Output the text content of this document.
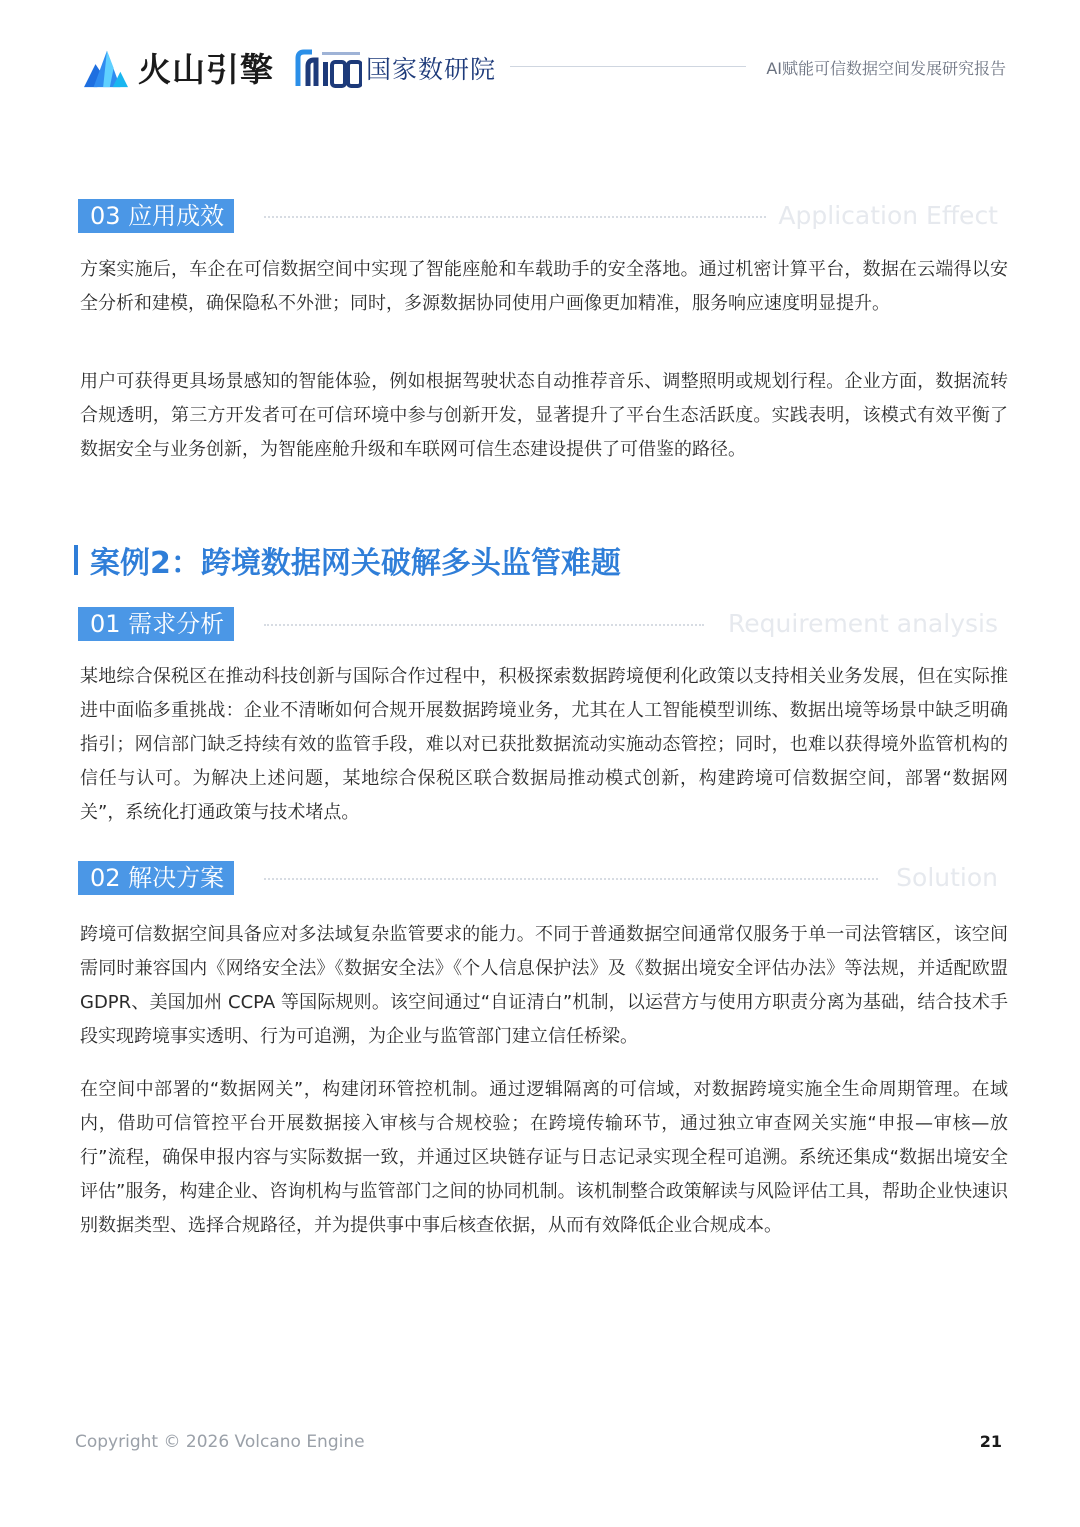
火山引擎	国家数研院	AI赋能可信数据空间发展研究报告
03 应用成效	Application Effect

方案实施后，车企在可信数据空间中实现了智能座舱和车载助手的安全落地。通过机密计算平台，数据在云端得以安全分析和建模，确保隐私不外泄；同时，多源数据协同使用户画像更加精准，服务响应速度明显提升。

用户可获得更具场景感知的智能体验，例如根据驾驶状态自动推荐音乐、调整照明或规划行程。企业方面，数据流转合规透明，第三方开发者可在可信环境中参与创新开发，显著提升了平台生态活跃度。实践表明，该模式有效平衡了数据安全与业务创新，为智能座舱升级和车联网可信生态建设提供了可借鉴的路径。

案例2：跨境数据网关破解多头监管难题
01 需求分析	Requirement analysis

某地综合保税区在推动科技创新与国际合作过程中，积极探索数据跨境便利化政策以支持相关业务发展，但在实际推进中面临多重挑战：企业不清晰如何合规开展数据跨境业务，尤其在人工智能模型训练、数据出境等场景中缺乏明确指引；网信部门缺乏持续有效的监管手段，难以对已获批数据流动实施动态管控；同时，也难以获得境外监管机构的信任与认可。为解决上述问题，某地综合保税区联合数据局推动模式创新，构建跨境可信数据空间，部署“数据网关”，系统化打通政策与技术堵点。

02 解决方案	Solution

跨境可信数据空间具备应对多法域复杂监管要求的能力。不同于普通数据空间通常仅服务于单一司法管辖区，该空间需同时兼容国内《网络安全法》《数据安全法》《个人信息保护法》及《数据出境安全评估办法》等法规，并适配欧盟 GDPR、美国加州 CCPA 等国际规则。该空间通过“自证清白”机制，以运营方与使用方职责分离为基础，结合技术手段实现跨境事实透明、行为可追溯，为企业与监管部门建立信任桥梁。

在空间中部署的“数据网关”，构建闭环管控机制。通过逻辑隔离的可信域，对数据跨境实施全生命周期管理。在域内，借助可信管控平台开展数据接入审核与合规校验；在跨境传输环节，通过独立审查网关实施“申报—审核—放行”流程，确保申报内容与实际数据一致，并通过区块链存证与日志记录实现全程可追溯。系统还集成“数据出境安全评估”服务，构建企业、咨询机构与监管部门之间的协同机制。该机制整合政策解读与风险评估工具，帮助企业快速识别数据类型、选择合规路径，并为提供事中事后核查依据，从而有效降低企业合规成本。

Copyright © 2026 Volcano Engine	21
